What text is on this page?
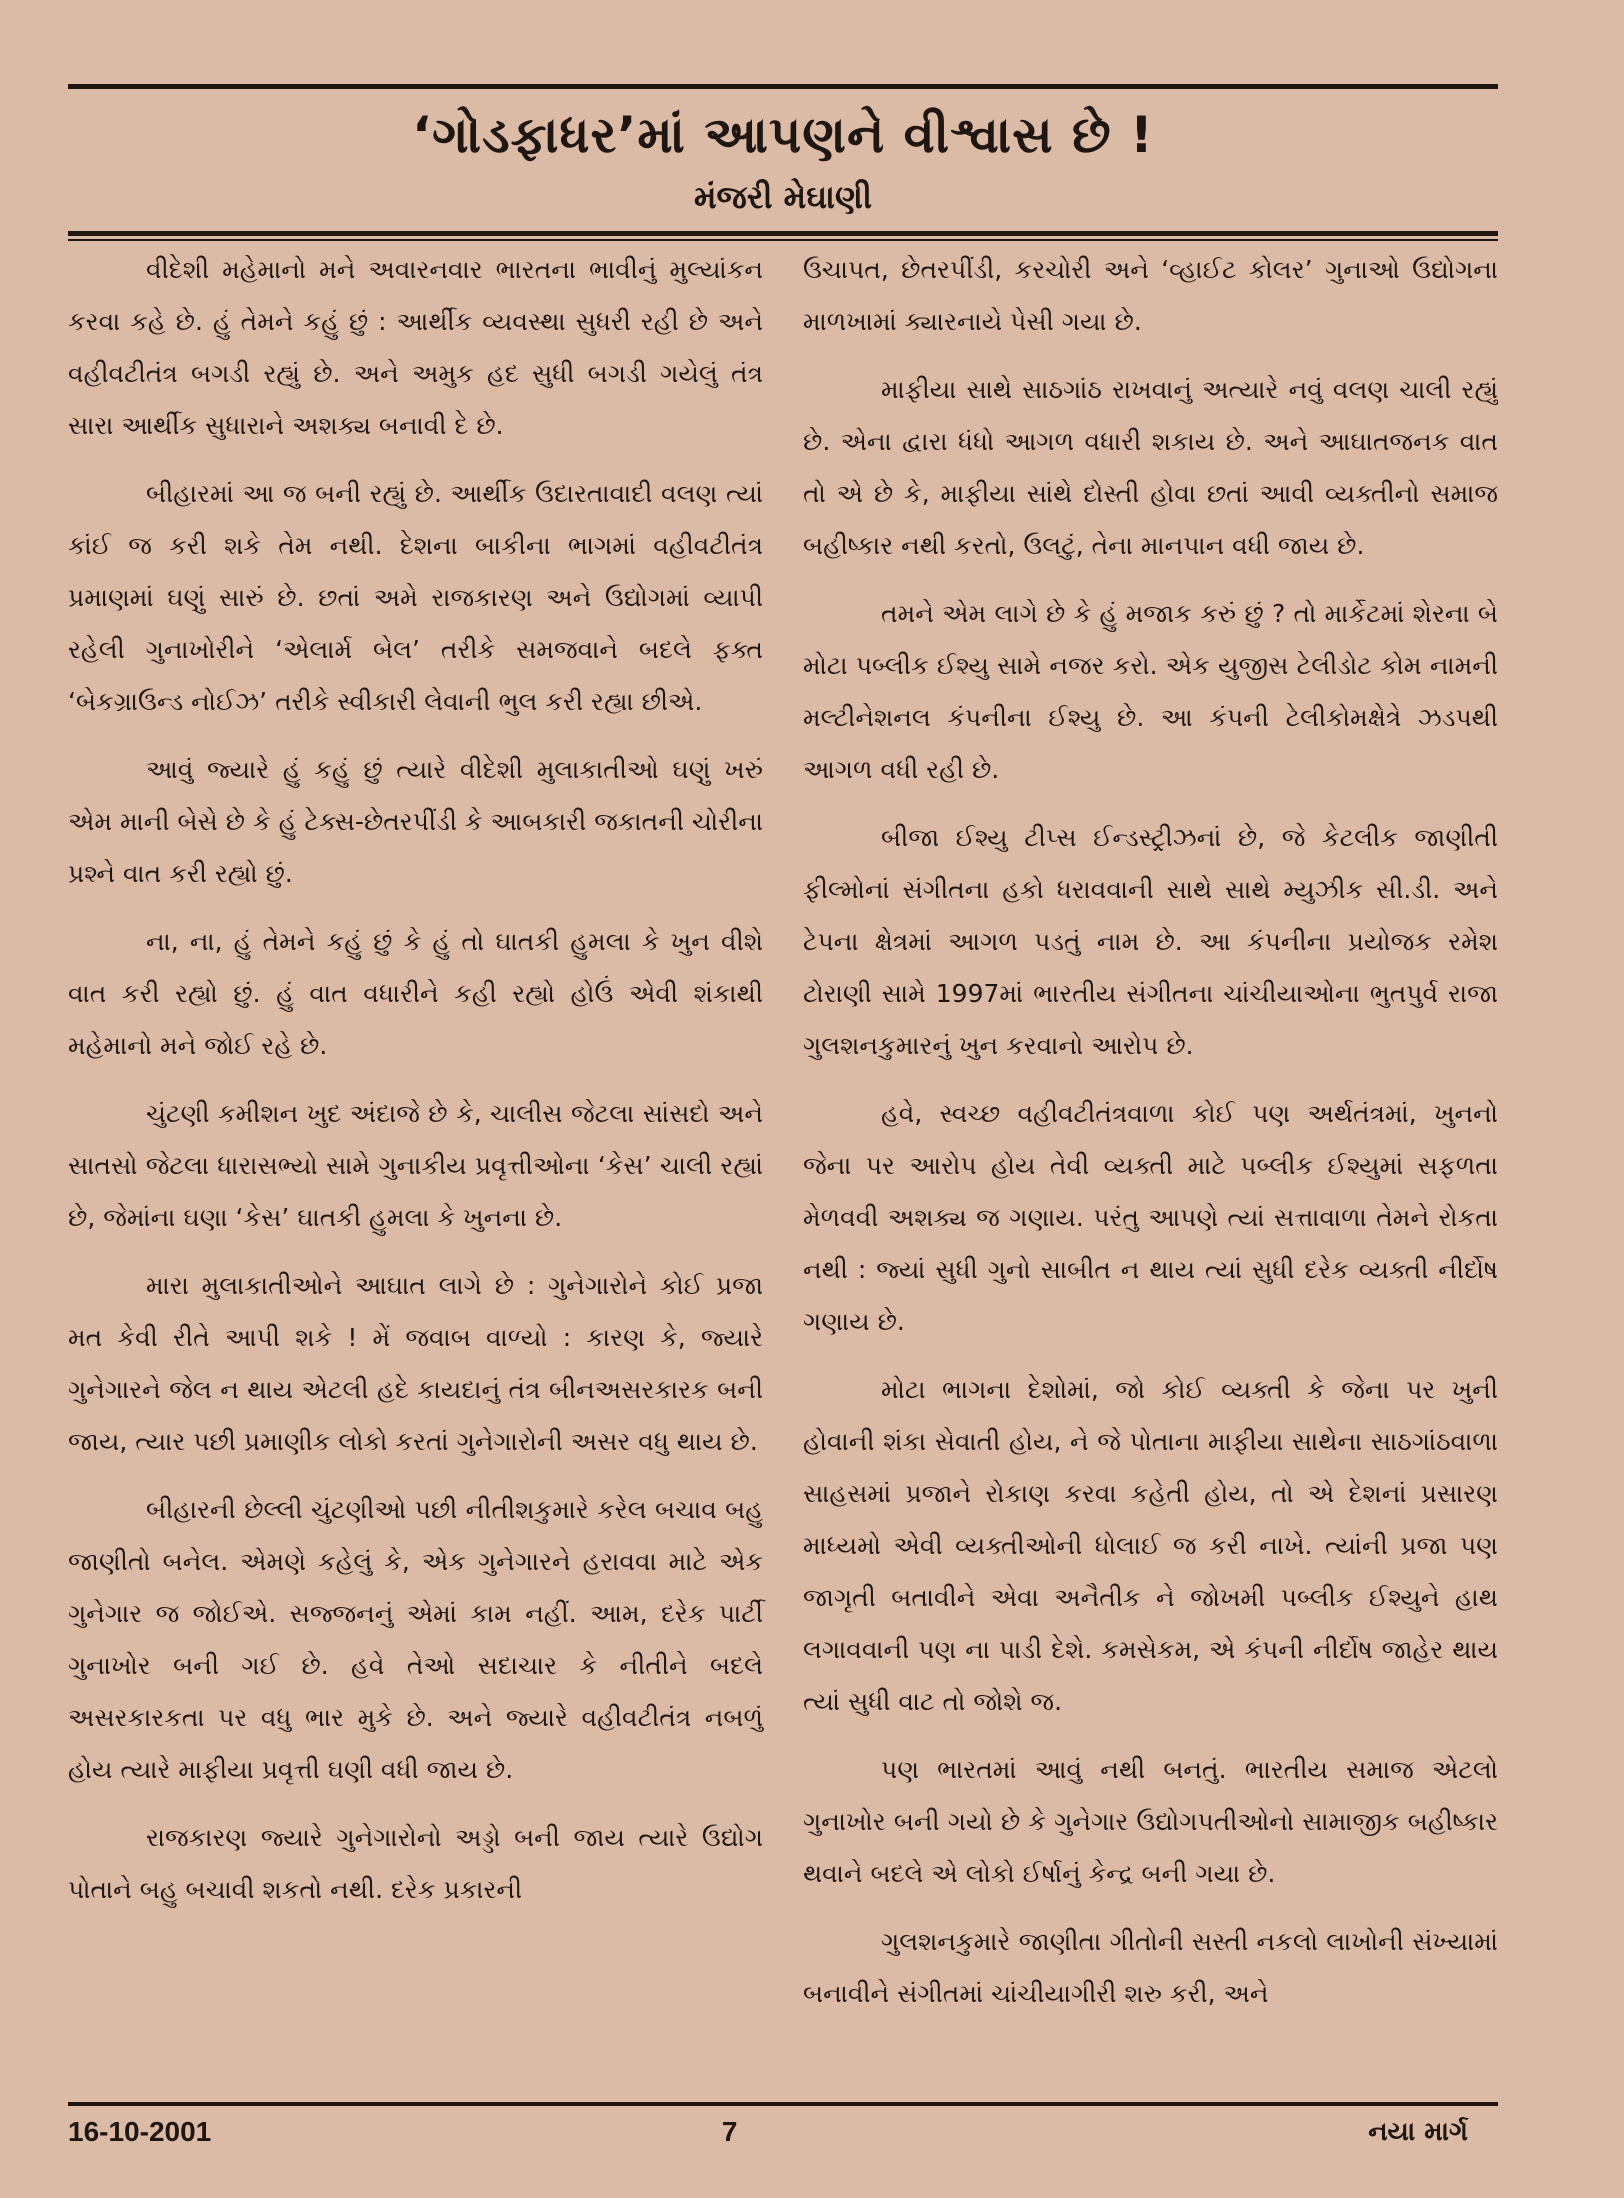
‘ગોડફાધર’માં આપણને વીશ્વાસ છે !
મંજરી મેઘાણી

વીદેશી મહેમાનો મને અવારનવાર ભારતના ભાવીનું મુલ્યાંકન કરવા કહે છે. હું તેમને કહું છું : આર્થીક વ્યવસ્થા સુધરી રહી છે અને વહીવટીતંત્ર બગડી રહ્યું છે. અને અમુક હદ સુધી બગડી ગયેલું તંત્ર સારા આર્થીક સુધારાને અશક્ય બનાવી દે છે.

બીહારમાં આ જ બની રહ્યું છે. આર્થીક ઉદારતાવાદી વલણ ત્યાં કાંઈ જ કરી શકે તેમ નથી. દેશના બાકીના ભાગમાં વહીવટીતંત્ર પ્રમાણમાં ઘણું સારું છે. છતાં અમે રાજકારણ અને ઉદ્યોગમાં વ્યાપી રહેલી ગુનાખોરીને ‘એલાર્મ બેલ’ તરીકે સમજવાને બદલે ફક્ત ‘બેકગ્રાઉન્ડ નોઈઝ’ તરીકે સ્વીકારી લેવાની ભુલ કરી રહ્યા છીએ.

આવું જ્યારે હું કહું છું ત્યારે વીદેશી મુલાકાતીઓ ઘણું ખરું એમ માની બેસે છે કે હું ટેક્સ-છેતરપીંડી કે આબકારી જકાતની ચોરીના પ્રશ્ને વાત કરી રહ્યો છું.

ના, ના, હું તેમને કહું છું કે હું તો ઘાતકી હુમલા કે ખુન વીશે વાત કરી રહ્યો છું. હું વાત વધારીને કહી રહ્યો હોઉં એવી શંકાથી મહેમાનો મને જોઈ રહે છે.

ચુંટણી કમીશન ખુદ અંદાજે છે કે, ચાલીસ જેટલા સાંસદો અને સાતસો જેટલા ધારાસભ્યો સામે ગુનાકીય પ્રવૃત્તીઓના ‘કેસ’ ચાલી રહ્યાં છે, જેમાંના ઘણા ‘કેસ’ ઘાતકી હુમલા કે ખુનના છે.

મારા મુલાકાતીઓને આઘાત લાગે છે : ગુનેગારોને કોઈ પ્રજા મત કેવી રીતે આપી શકે ! મેં જવાબ વાળ્યો : કારણ કે, જ્યારે ગુનેગારને જેલ ન થાય એટલી હદે કાયદાનું તંત્ર બીનઅસરકારક બની જાય, ત્યાર પછી પ્રમાણીક લોકો કરતાં ગુનેગારોની અસર વધુ થાય છે.

બીહારની છેલ્લી ચુંટણીઓ પછી નીતીશકુમારે કરેલ બચાવ બહુ જાણીતો બનેલ. એમણે કહેલું કે, એક ગુનેગારને હરાવવા માટે એક ગુનેગાર જ જોઈએ. સજ્જનનું એમાં કામ નહીં. આમ, દરેક પાર્ટી ગુનાખોર બની ગઈ છે. હવે તેઓ સદાચાર કે નીતીને બદલે અસરકારકતા પર વધુ ભાર મુકે છે. અને જ્યારે વહીવટીતંત્ર નબળું હોય ત્યારે માફીયા પ્રવૃત્તી ઘણી વધી જાય છે.

રાજકારણ જ્યારે ગુનેગારોનો અડ્ડો બની જાય ત્યારે ઉદ્યોગ પોતાને બહુ બચાવી શકતો નથી. દરેક પ્રકારની

ઉચાપત, છેતરપીંડી, કરચોરી અને ‘વ્હાઈટ કોલર’ ગુનાઓ ઉદ્યોગના માળખામાં ક્યારનાયે પેસી ગયા છે.

માફીયા સાથે સાઠગાંઠ રાખવાનું અત્યારે નવું વલણ ચાલી રહ્યું છે. એના દ્વારા ધંધો આગળ વધારી શકાય છે. અને આઘાતજનક વાત તો એ છે કે, માફીયા સાંથે દોસ્તી હોવા છતાં આવી વ્યક્તીનો સમાજ બહીષ્કાર નથી કરતો, ઉલટું, તેના માનપાન વધી જાય છે.

તમને એમ લાગે છે કે હું મજાક કરું છું ? તો માર્કેટમાં શેરના બે મોટા પબ્લીક ઈશ્યુ સામે નજર કરો. એક યુજીસ ટેલીડોટ કોમ નામની મલ્ટીનેશનલ કંપનીના ઈશ્યુ છે. આ કંપની ટેલીકોમક્ષેત્રે ઝડપથી આગળ વધી રહી છે.

બીજા ઈશ્યુ ટીપ્સ ઈન્ડસ્ટ્રીઝનાં છે, જે કેટલીક જાણીતી ફીલ્મોનાં સંગીતના હકો ધરાવવાની સાથે સાથે મ્યુઝીક સી.ડી. અને ટેપના ક્ષેત્રમાં આગળ પડતું નામ છે. આ કંપનીના પ્રયોજક રમેશ ટોરાણી સામે 1997માં ભારતીય સંગીતના ચાંચીયાઓના ભુતપુર્વ રાજા ગુલશનકુમારનું ખુન કરવાનો આરોપ છે.

હવે, સ્વચ્છ વહીવટીતંત્રવાળા કોઈ પણ અર્થતંત્રમાં, ખુનનો જેના પર આરોપ હોય તેવી વ્યક્તી માટે પબ્લીક ઈશ્યુમાં સફળતા મેળવવી અશક્ય જ ગણાય. પરંતુ આપણે ત્યાં સત્તાવાળા તેમને રોકતા નથી : જ્યાં સુધી ગુનો સાબીત ન થાય ત્યાં સુધી દરેક વ્યક્તી નીર્દોષ ગણાય છે.

મોટા ભાગના દેશોમાં, જો કોઈ વ્યક્તી કે જેના પર ખુની હોવાની શંકા સેવાતી હોય, ને જે પોતાના માફીયા સાથેના સાઠગાંઠવાળા સાહસમાં પ્રજાને રોકાણ કરવા કહેતી હોય, તો એ દેશનાં પ્રસારણ માધ્યમો એવી વ્યક્તીઓની ધોલાઈ જ કરી નાખે. ત્યાંની પ્રજા પણ જાગૃતી બતાવીને એવા અનૈતીક ને જોખમી પબ્લીક ઈશ્યુને હાથ લગાવવાની પણ ના પાડી દેશે. કમસેકમ, એ કંપની નીર્દોષ જાહેર થાય ત્યાં સુધી વાટ તો જોશે જ.

પણ ભારતમાં આવું નથી બનતું. ભારતીય સમાજ એટલો ગુનાખોર બની ગયો છે કે ગુનેગાર ઉદ્યોગપતીઓનો સામાજીક બહીષ્કાર થવાને બદલે એ લોકો ઈર્ષાનું કેન્દ્ર બની ગયા છે.

ગુલશનકુમારે જાણીતા ગીતોની સસ્તી નકલો લાખોની સંખ્યામાં બનાવીને સંગીતમાં ચાંચીયાગીરી શરુ કરી, અને

16-10-2001	7	નયા માર્ગ
